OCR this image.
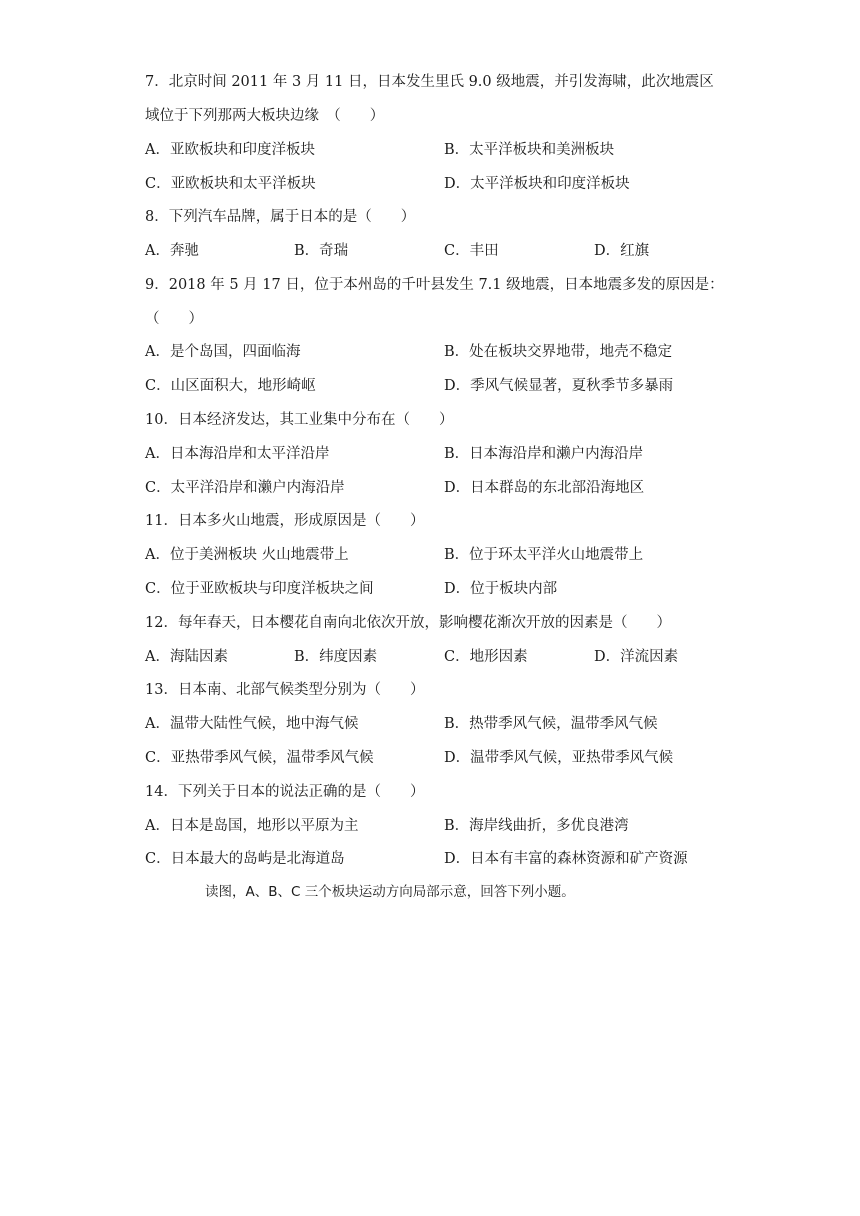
7．北京时间 2011 年 3 月 11 日，日本发生里氏 9.0 级地震，并引发海啸，此次地震区
域位于下列那两大板块边缘　（　　）
A．亚欧板块和印度洋板块	B．太平洋板块和美洲板块
C．亚欧板块和太平洋板块	D．太平洋板块和印度洋板块
8．下列汽车品牌，属于日本的是（　　）
A．奔驰	B．奇瑞	C．丰田	D．红旗
9．2018 年 5 月 17 日，位于本州岛的千叶县发生 7.1 级地震，日本地震多发的原因是：
（　　）
A．是个岛国，四面临海	B．处在板块交界地带，地壳不稳定
C．山区面积大，地形崎岖	D．季风气候显著，夏秋季节多暴雨
10．日本经济发达，其工业集中分布在（　　）
A．日本海沿岸和太平洋沿岸	B．日本海沿岸和濑户内海沿岸
C．太平洋沿岸和濑户内海沿岸	D．日本群岛的东北部沿海地区
11．日本多火山地震，形成原因是（　　）
A．位于美洲板块 火山地震带上	B．位于环太平洋火山地震带上
C．位于亚欧板块与印度洋板块之间	D．位于板块内部
12．每年春天，日本樱花自南向北依次开放，影响樱花渐次开放的因素是（　　）
A．海陆因素	B．纬度因素	C．地形因素	D．洋流因素
13．日本南、北部气候类型分别为（　　）
A．温带大陆性气候，地中海气候	B．热带季风气候，温带季风气候
C．亚热带季风气候，温带季风气候	D．温带季风气候，亚热带季风气候
14．下列关于日本的说法正确的是（　　）
A．日本是岛国，地形以平原为主	B．海岸线曲折，多优良港湾
C．日本最大的岛屿是北海道岛	D．日本有丰富的森林资源和矿产资源
读图，A、B、C 三个板块运动方向局部示意，回答下列小题。
